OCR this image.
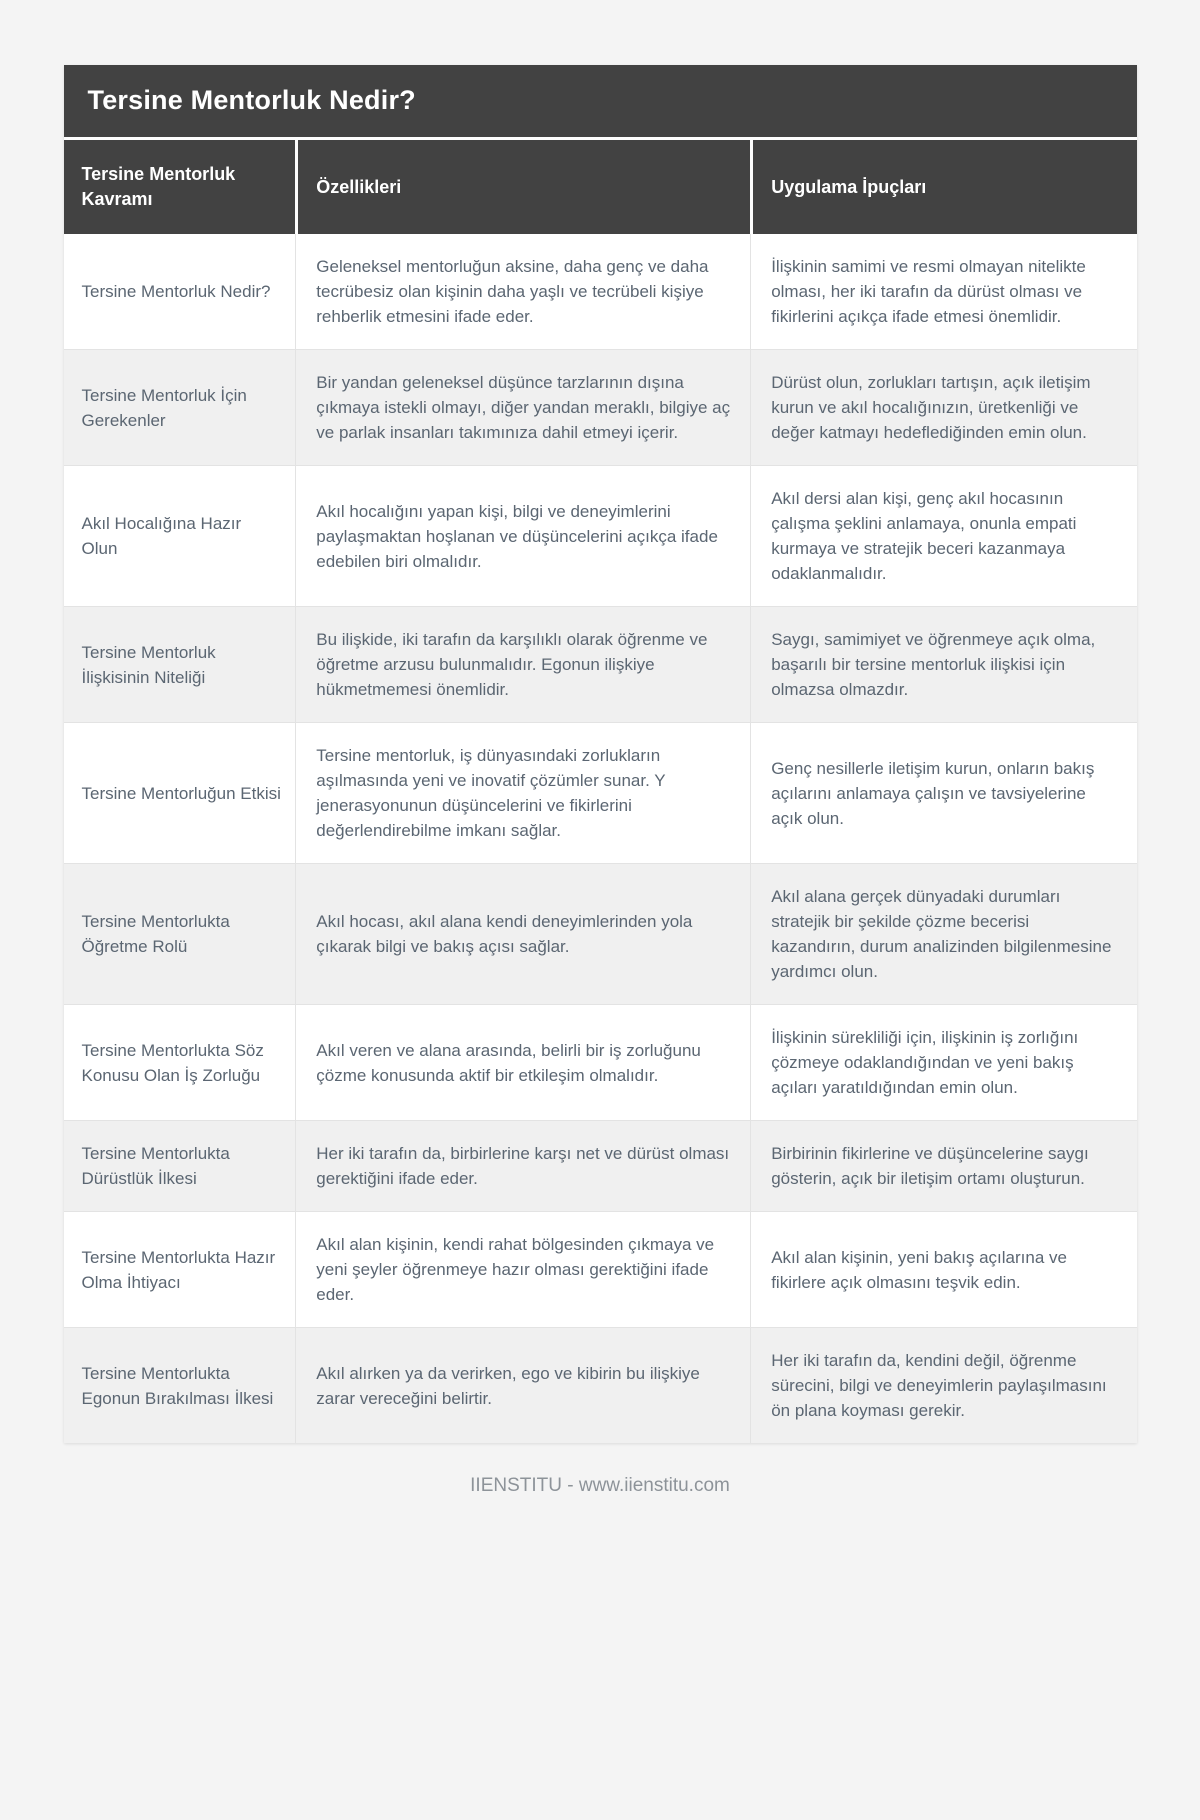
Tersine Mentorluk Nedir?
Tersine Mentorluk Kavramı	Özellikleri	Uygulama İpuçları
Tersine Mentorluk Nedir?	Geleneksel mentorluğun aksine, daha genç ve daha tecrübesiz olan kişinin daha yaşlı ve tecrübeli kişiye rehberlik etmesini ifade eder.	İlişkinin samimi ve resmi olmayan nitelikte olması, her iki tarafın da dürüst olması ve fikirlerini açıkça ifade etmesi önemlidir.
Tersine Mentorluk İçin Gerekenler	Bir yandan geleneksel düşünce tarzlarının dışına çıkmaya istekli olmayı, diğer yandan meraklı, bilgiye aç ve parlak insanları takımınıza dahil etmeyi içerir.	Dürüst olun, zorlukları tartışın, açık iletişim kurun ve akıl hocalığınızın, üretkenliği ve değer katmayı hedeflediğinden emin olun.
Akıl Hocalığına Hazır Olun	Akıl hocalığını yapan kişi, bilgi ve deneyimlerini paylaşmaktan hoşlanan ve düşüncelerini açıkça ifade edebilen biri olmalıdır.	Akıl dersi alan kişi, genç akıl hocasının çalışma şeklini anlamaya, onunla empati kurmaya ve stratejik beceri kazanmaya odaklanmalıdır.
Tersine Mentorluk İlişkisinin Niteliği	Bu ilişkide, iki tarafın da karşılıklı olarak öğrenme ve öğretme arzusu bulunmalıdır. Egonun ilişkiye hükmetmemesi önemlidir.	Saygı, samimiyet ve öğrenmeye açık olma, başarılı bir tersine mentorluk ilişkisi için olmazsa olmazdır.
Tersine Mentorluğun Etkisi	Tersine mentorluk, iş dünyasındaki zorlukların aşılmasında yeni ve inovatif çözümler sunar. Y jenerasyonunun düşüncelerini ve fikirlerini değerlendirebilme imkanı sağlar.	Genç nesillerle iletişim kurun, onların bakış açılarını anlamaya çalışın ve tavsiyelerine açık olun.
Tersine Mentorlukta Öğretme Rolü	Akıl hocası, akıl alana kendi deneyimlerinden yola çıkarak bilgi ve bakış açısı sağlar.	Akıl alana gerçek dünyadaki durumları stratejik bir şekilde çözme becerisi kazandırın, durum analizinden bilgilenmesine yardımcı olun.
Tersine Mentorlukta Söz Konusu Olan İş Zorluğu	Akıl veren ve alana arasında, belirli bir iş zorluğunu çözme konusunda aktif bir etkileşim olmalıdır.	İlişkinin sürekliliği için, ilişkinin iş zorlığını çözmeye odaklandığından ve yeni bakış açıları yaratıldığından emin olun.
Tersine Mentorlukta Dürüstlük İlkesi	Her iki tarafın da, birbirlerine karşı net ve dürüst olması gerektiğini ifade eder.	Birbirinin fikirlerine ve düşüncelerine saygı gösterin, açık bir iletişim ortamı oluşturun.
Tersine Mentorlukta Hazır Olma İhtiyacı	Akıl alan kişinin, kendi rahat bölgesinden çıkmaya ve yeni şeyler öğrenmeye hazır olması gerektiğini ifade eder.	Akıl alan kişinin, yeni bakış açılarına ve fikirlere açık olmasını teşvik edin.
Tersine Mentorlukta Egonun Bırakılması İlkesi	Akıl alırken ya da verirken, ego ve kibirin bu ilişkiye zarar vereceğini belirtir.	Her iki tarafın da, kendini değil, öğrenme sürecini, bilgi ve deneyimlerin paylaşılmasını ön plana koyması gerekir.
IIENSTITU - www.iienstitu.com
